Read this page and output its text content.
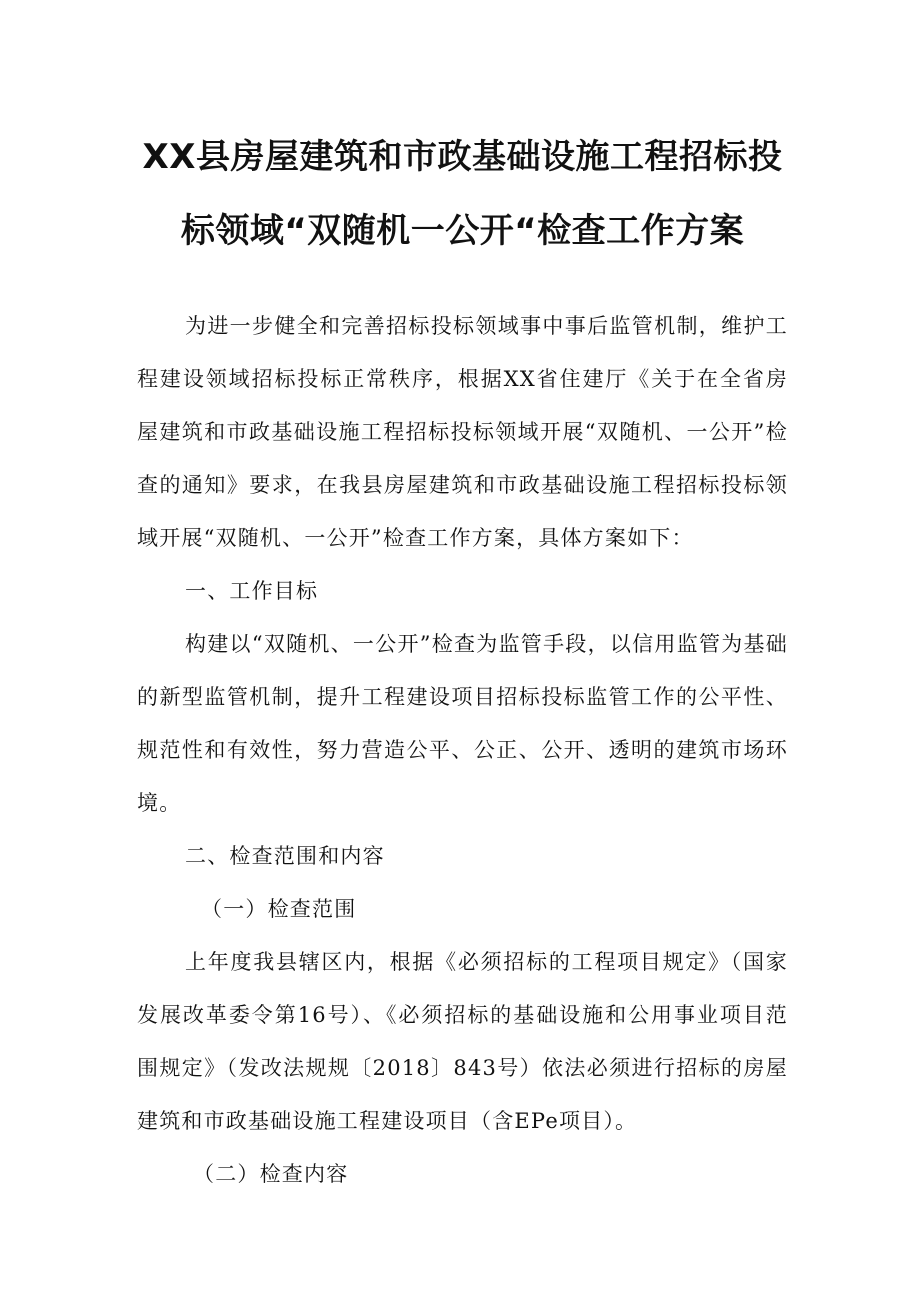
XX县房屋建筑和市政基础设施工程招标投
标领域“双随机一公开“检查工作方案

为进一步健全和完善招标投标领域事中事后监管机制，维护工程建设领域招标投标正常秩序，根据XX省住建厅《关于在全省房屋建筑和市政基础设施工程招标投标领域开展“双随机、一公开”检查的通知》要求，在我县房屋建筑和市政基础设施工程招标投标领域开展“双随机、一公开”检查工作方案，具体方案如下：

一、工作目标

构建以“双随机、一公开”检查为监管手段，以信用监管为基础的新型监管机制，提升工程建设项目招标投标监管工作的公平性、规范性和有效性，努力营造公平、公正、公开、透明的建筑市场环境。

二、检查范围和内容

（一）检查范围

上年度我县辖区内，根据《必须招标的工程项目规定》（国家发展改革委令第16号）、《必须招标的基础设施和公用事业项目范围规定》（发改法规规〔2018〕843号）依法必须进行招标的房屋建筑和市政基础设施工程建设项目（含EPe项目）。

（二）检查内容
